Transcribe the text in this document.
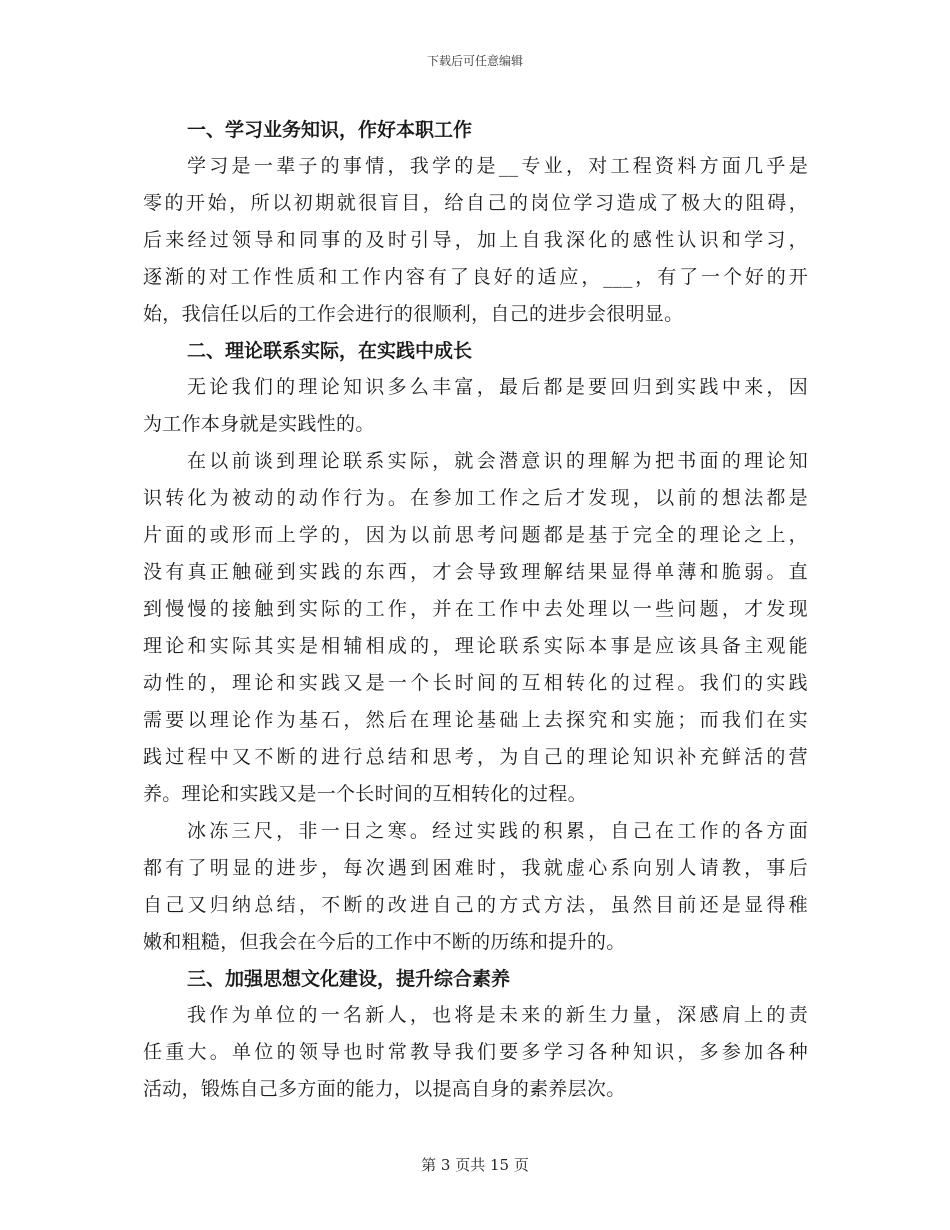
下载后可任意编辑
一、学习业务知识，作好本职工作
学习是一辈子的事情，我学的是__专业，对工程资料方面几乎是
零的开始，所以初期就很盲目，给自己的岗位学习造成了极大的阻碍，
后来经过领导和同事的及时引导，加上自我深化的感性认识和学习，
逐渐的对工作性质和工作内容有了良好的适应，___，有了一个好的开
始，我信任以后的工作会进行的很顺利，自己的进步会很明显。
二、理论联系实际，在实践中成长
无论我们的理论知识多么丰富，最后都是要回归到实践中来，因
为工作本身就是实践性的。
在以前谈到理论联系实际，就会潜意识的理解为把书面的理论知
识转化为被动的动作行为。在参加工作之后才发现，以前的想法都是
片面的或形而上学的，因为以前思考问题都是基于完全的理论之上，
没有真正触碰到实践的东西，才会导致理解结果显得单薄和脆弱。直
到慢慢的接触到实际的工作，并在工作中去处理以一些问题，才发现
理论和实际其实是相辅相成的，理论联系实际本事是应该具备主观能
动性的，理论和实践又是一个长时间的互相转化的过程。我们的实践
需要以理论作为基石，然后在理论基础上去探究和实施；而我们在实
践过程中又不断的进行总结和思考，为自己的理论知识补充鲜活的营
养。理论和实践又是一个长时间的互相转化的过程。
冰冻三尺，非一日之寒。经过实践的积累，自己在工作的各方面
都有了明显的进步，每次遇到困难时，我就虚心系向别人请教，事后
自己又归纳总结，不断的改进自己的方式方法，虽然目前还是显得稚
嫩和粗糙，但我会在今后的工作中不断的历练和提升的。
三、加强思想文化建设，提升综合素养
我作为单位的一名新人，也将是未来的新生力量，深感肩上的责
任重大。单位的领导也时常教导我们要多学习各种知识，多参加各种
活动，锻炼自己多方面的能力，以提高自身的素养层次。
第 3 页共 15 页
